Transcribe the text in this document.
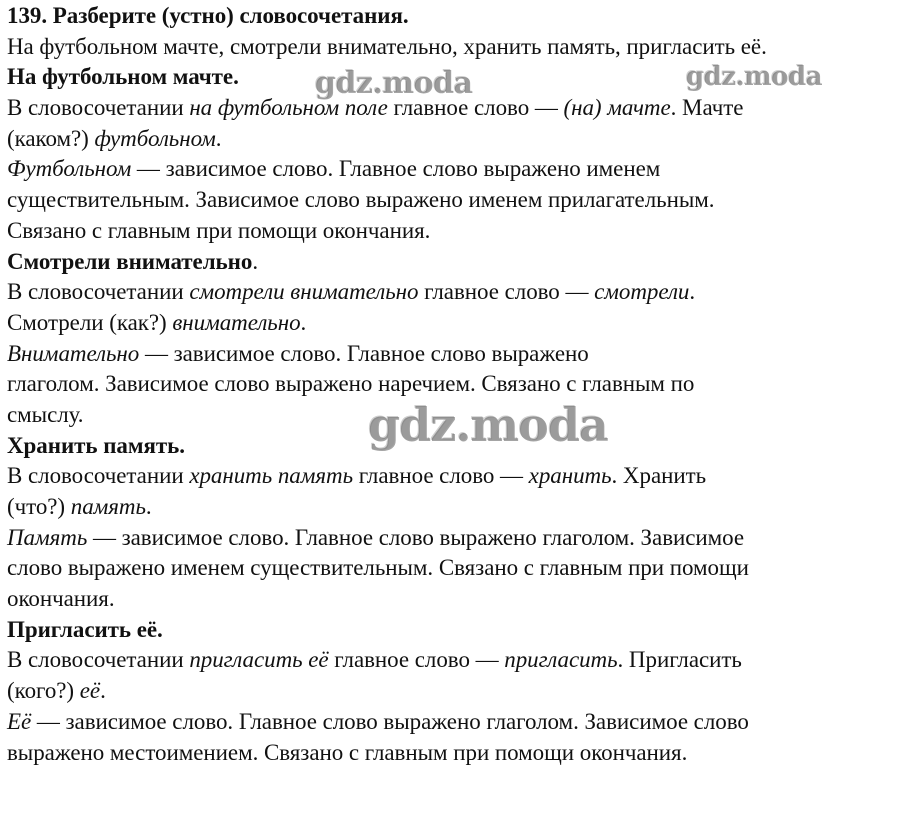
139. Разберите (устно) словосочетания.
На футбольном мачте, смотрели внимательно, хранить память, пригласить её.
На футбольном мачте.
В словосочетании на футбольном поле главное слово — (на) мачте. Мачте
(каком?) футбольном.
Футбольном — зависимое слово. Главное слово выражено именем
существительным. Зависимое слово выражено именем прилагательным.
Связано с главным при помощи окончания.
Смотрели внимательно.
В словосочетании смотрели внимательно главное слово — смотрели.
Смотрели (как?) внимательно.
Внимательно — зависимое слово. Главное слово выражено
глаголом. Зависимое слово выражено наречием. Связано с главным по
смыслу.
Хранить память.
В словосочетании хранить память главное слово — хранить. Хранить
(что?) память.
Память — зависимое слово. Главное слово выражено глаголом. Зависимое
слово выражено именем существительным. Связано с главным при помощи
окончания.
Пригласить её.
В словосочетании пригласить её главное слово — пригласить. Пригласить
(кого?) её.
Её — зависимое слово. Главное слово выражено глаголом. Зависимое слово
выражено местоимением. Связано с главным при помощи окончания.
gdz.moda	gdz.moda
gdz.moda
